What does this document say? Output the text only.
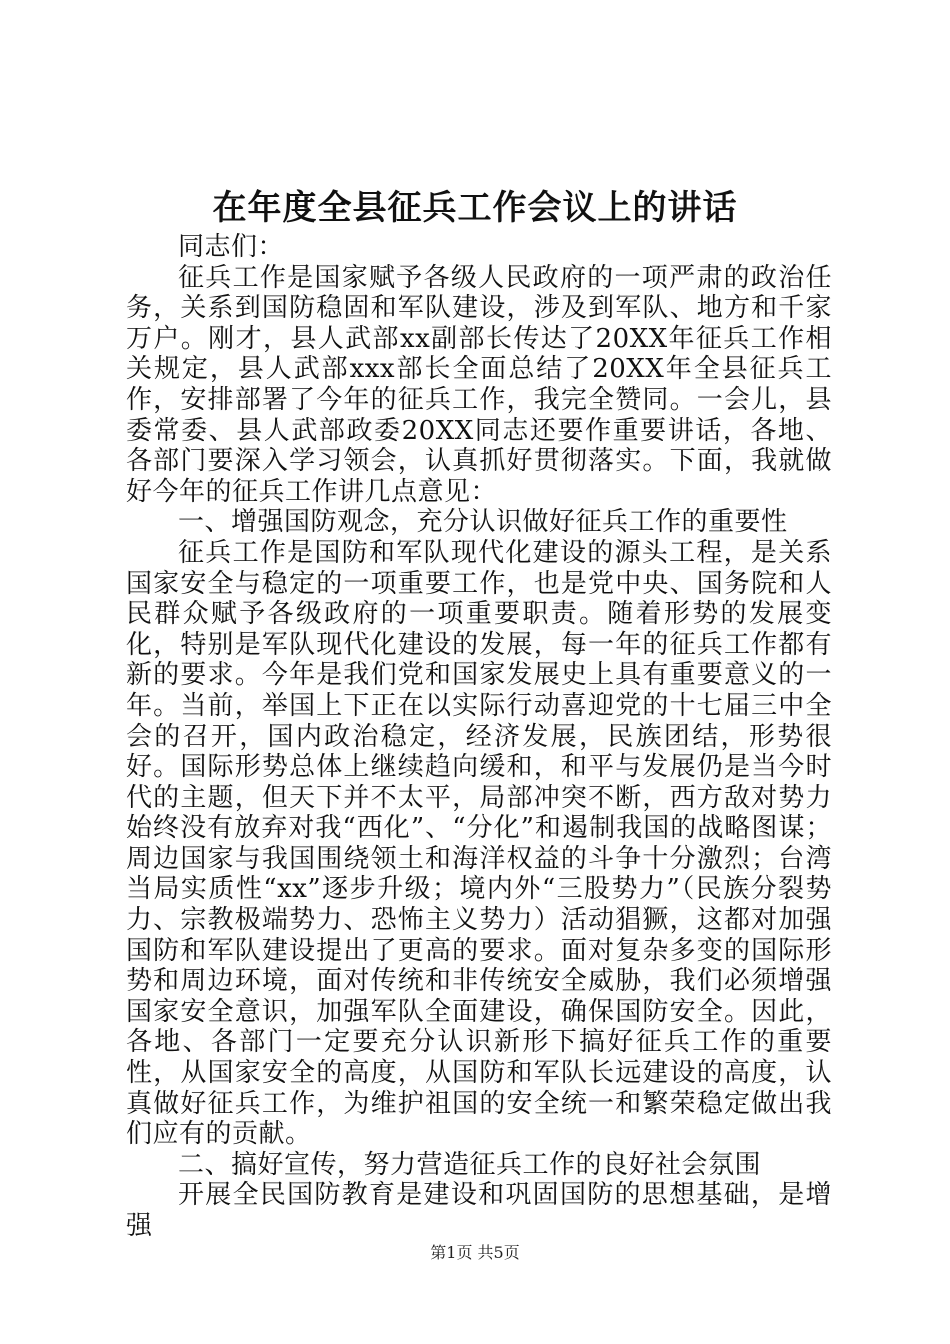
在年度全县征兵工作会议上的讲话

同志们：

征兵工作是国家赋予各级人民政府的一项严肃的政治任务，关系到国防稳固和军队建设，涉及到军队、地方和千家万户。刚才，县人武部xx副部长传达了20XX年征兵工作相关规定，县人武部xxx部长全面总结了20XX年全县征兵工作，安排部署了今年的征兵工作，我完全赞同。一会儿，县委常委、县人武部政委20XX同志还要作重要讲话，各地、各部门要深入学习领会，认真抓好贯彻落实。下面，我就做好今年的征兵工作讲几点意见：

一、增强国防观念，充分认识做好征兵工作的重要性

征兵工作是国防和军队现代化建设的源头工程，是关系国家安全与稳定的一项重要工作，也是党中央、国务院和人民群众赋予各级政府的一项重要职责。随着形势的发展变化，特别是军队现代化建设的发展，每一年的征兵工作都有新的要求。今年是我们党和国家发展史上具有重要意义的一年。当前，举国上下正在以实际行动喜迎党的十七届三中全会的召开，国内政治稳定，经济发展，民族团结，形势很好。国际形势总体上继续趋向缓和，和平与发展仍是当今时代的主题，但天下并不太平，局部冲突不断，西方敌对势力始终没有放弃对我“西化”、“分化”和遏制我国的战略图谋；周边国家与我国围绕领土和海洋权益的斗争十分激烈；台湾当局实质性“xx”逐步升级；境内外“三股势力”（民族分裂势力、宗教极端势力、恐怖主义势力）活动猖獗，这都对加强国防和军队建设提出了更高的要求。面对复杂多变的国际形势和周边环境，面对传统和非传统安全威胁，我们必须增强国家安全意识，加强军队全面建设，确保国防安全。因此，各地、各部门一定要充分认识新形下搞好征兵工作的重要性，从国家安全的高度，从国防和军队长远建设的高度，认真做好征兵工作，为维护祖国的安全统一和繁荣稳定做出我们应有的贡献。

二、搞好宣传，努力营造征兵工作的良好社会氛围

开展全民国防教育是建设和巩固国防的思想基础，是增强

第1页 共5页
